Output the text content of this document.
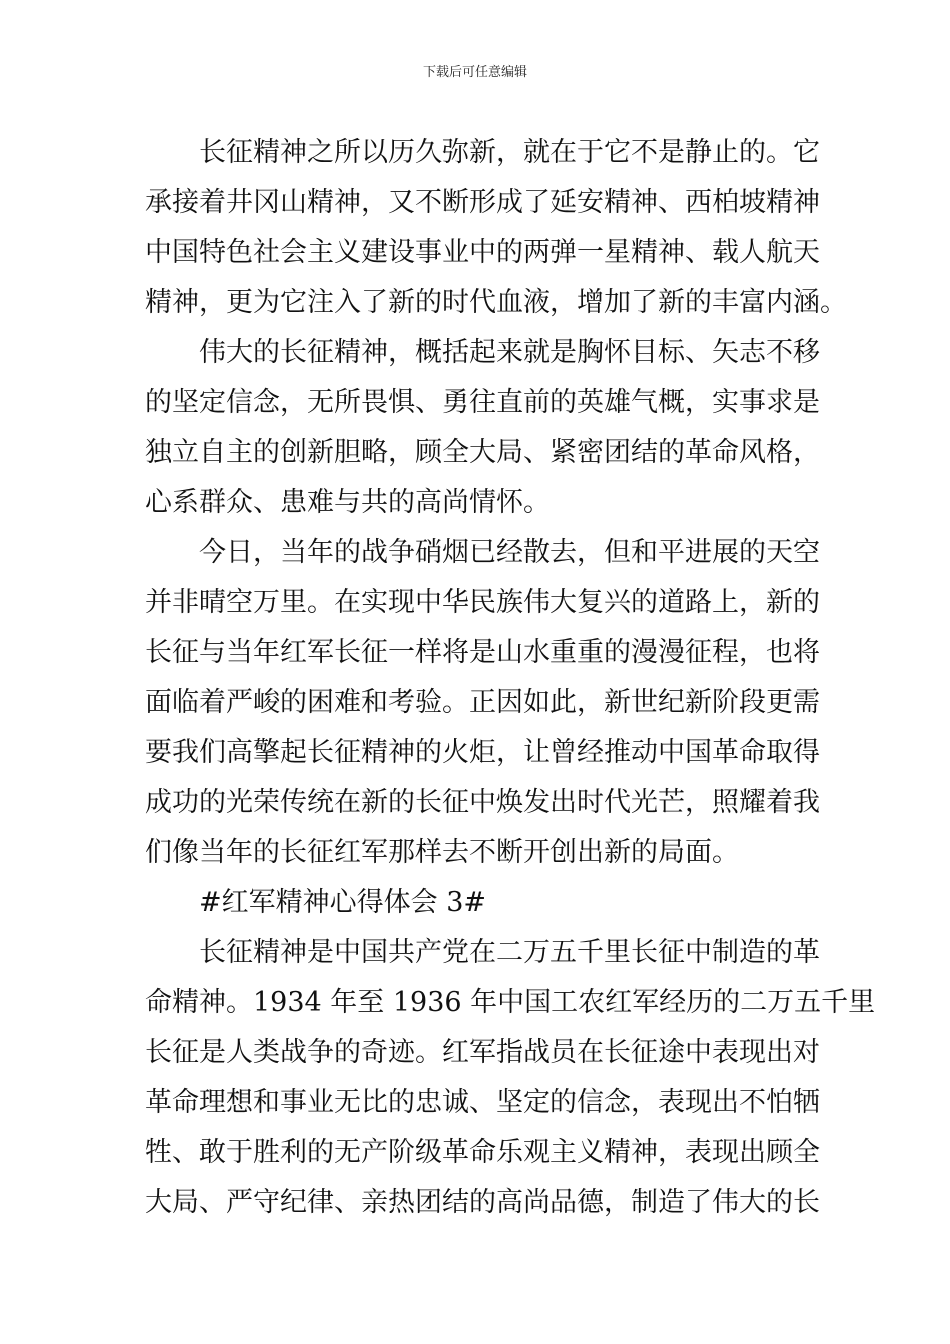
下载后可任意编辑
长征精神之所以历久弥新，就在于它不是静止的。它
承接着井冈山精神，又不断形成了延安精神、西柏坡精神
中国特色社会主义建设事业中的两弹一星精神、载人航天
精神，更为它注入了新的时代血液，增加了新的丰富内涵。
伟大的长征精神，概括起来就是胸怀目标、矢志不移
的坚定信念，无所畏惧、勇往直前的英雄气概，实事求是
独立自主的创新胆略，顾全大局、紧密团结的革命风格，
心系群众、患难与共的高尚情怀。
今日，当年的战争硝烟已经散去，但和平进展的天空
并非晴空万里。在实现中华民族伟大复兴的道路上，新的
长征与当年红军长征一样将是山水重重的漫漫征程，也将
面临着严峻的困难和考验。正因如此，新世纪新阶段更需
要我们高擎起长征精神的火炬，让曾经推动中国革命取得
成功的光荣传统在新的长征中焕发出时代光芒，照耀着我
们像当年的长征红军那样去不断开创出新的局面。
#红军精神心得体会 3#
长征精神是中国共产党在二万五千里长征中制造的革
命精神。1934 年至 1936 年中国工农红军经历的二万五千里
长征是人类战争的奇迹。红军指战员在长征途中表现出对
革命理想和事业无比的忠诚、坚定的信念，表现出不怕牺
牲、敢于胜利的无产阶级革命乐观主义精神，表现出顾全
大局、严守纪律、亲热团结的高尚品德，制造了伟大的长
